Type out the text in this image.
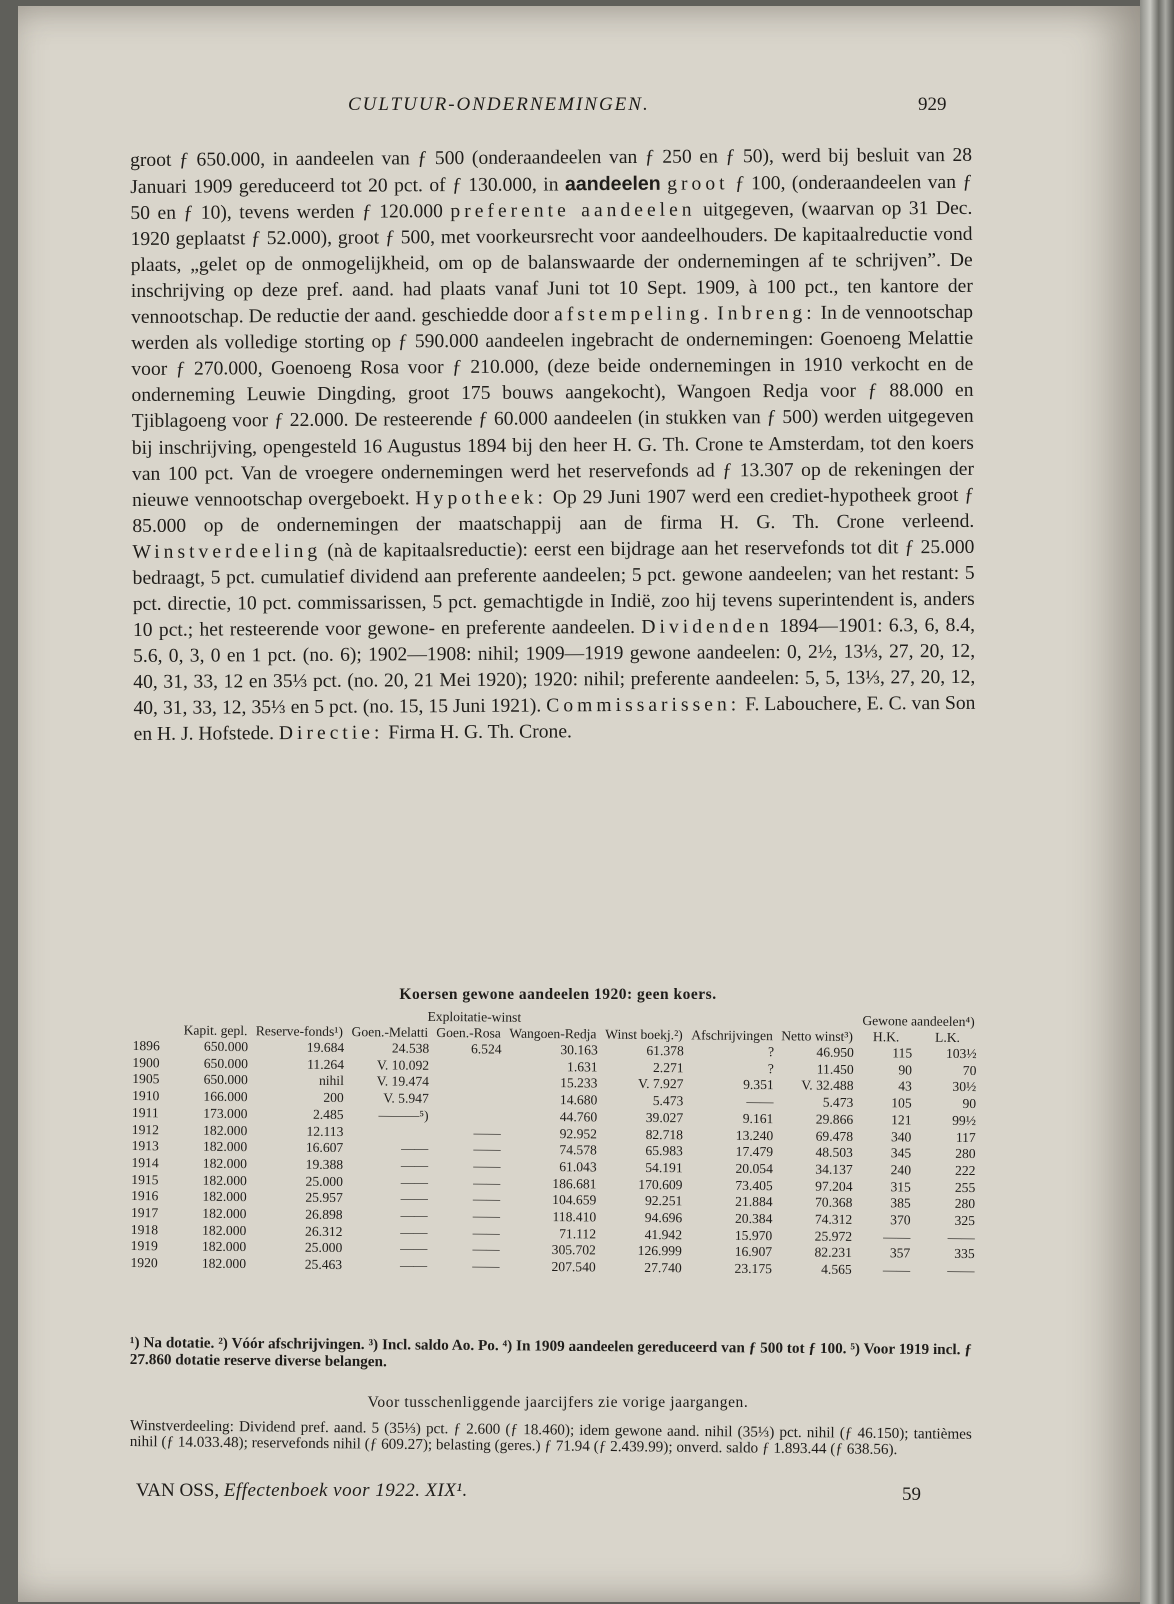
CULTUUR-ONDERNEMINGEN.	929
groot ƒ 650.000, in aandeelen van ƒ 500 (onderaandeelen van ƒ 250 en ƒ 50), werd bij besluit van 28 Januari 1909 gereduceerd tot 20 pct. of ƒ 130.000, in aandeelen groot ƒ 100, (onderaandeelen van ƒ 50 en ƒ 10), tevens werden ƒ 120.000 preferente aandeelen uitgegeven, (waarvan op 31 Dec. 1920 geplaatst ƒ 52.000), groot ƒ 500, met voorkeursrecht voor aandeelhouders. De kapitaalreductie vond plaats, „gelet op de onmogelijkheid, om op de balanswaarde der ondernemingen af te schrijven”. De inschrijving op deze pref. aand. had plaats vanaf Juni tot 10 Sept. 1909, à 100 pct., ten kantore der vennootschap. De reductie der aand. geschiedde door afstempeling. Inbreng: In de vennootschap werden als volledige storting op ƒ 590.000 aandeelen ingebracht de ondernemingen: Goenoeng Melattie voor ƒ 270.000, Goenoeng Rosa voor ƒ 210.000, (deze beide ondernemingen in 1910 verkocht en de onderneming Leuwie Dingding, groot 175 bouws aangekocht), Wangoen Redja voor ƒ 88.000 en Tjiblagoeng voor ƒ 22.000. De resteerende ƒ 60.000 aandeelen (in stukken van ƒ 500) werden uitgegeven bij inschrijving, opengesteld 16 Augustus 1894 bij den heer H. G. Th. Crone te Amsterdam, tot den koers van 100 pct. Van de vroegere ondernemingen werd het reservefonds ad ƒ 13.307 op de rekeningen der nieuwe vennootschap overgeboekt. Hypotheek: Op 29 Juni 1907 werd een crediet-hypotheek groot ƒ 85.000 op de ondernemingen der maatschappij aan de firma H. G. Th. Crone verleend. Winstverdeeling (nà de kapitaalsreductie): eerst een bijdrage aan het reservefonds tot dit ƒ 25.000 bedraagt, 5 pct. cumulatief dividend aan preferente aandeelen; 5 pct. gewone aandeelen; van het restant: 5 pct. directie, 10 pct. commissarissen, 5 pct. gemachtigde in Indië, zoo hij tevens superintendent is, anders 10 pct.; het resteerende voor gewone- en preferente aandeelen. Dividenden 1894—1901: 6.3, 6, 8.4, 5.6, 0, 3, 0 en 1 pct. (no. 6); 1902—1908: nihil; 1909—1919 gewone aandeelen: 0, 2½, 13⅓, 27, 20, 12, 40, 31, 33, 12 en 35⅓ pct. (no. 20, 21 Mei 1920); 1920: nihil; preferente aandeelen: 5, 5, 13⅓, 27, 20, 12, 40, 31, 33, 12, 35⅓ en 5 pct. (no. 15, 15 Juni 1921). Commissarissen: F. Labouchere, E. C. van Son en H. J. Hofstede. Directie: Firma H. G. Th. Crone.
Koersen gewone aandeelen 1920: geen koers.
			Exploitatie-winst						Gewone aandeelen⁴)	
	Kapit. gepl.	Reserve-fonds¹)	Goen.-Melatti	Goen.-Rosa	Wangoen-Redja	Winst boekj.²)	Afschrijvingen	Netto winst³)	H.K.	L.K.
1896	650.000	19.684	24.538	6.524	30.163	61.378	?	46.950	115	103½
1900	650.000	11.264	V. 10.092		1.631	2.271	?	11.450	90	70
1905	650.000	nihil	V. 19.474		15.233	V. 7.927	9.351	V. 32.488	43	30½
1910	166.000	200	V. 5.947		14.680	5.473	——	5.473	105	90
1911	173.000	2.485	———⁵)		44.760	39.027	9.161	29.866	121	99½
1912	182.000	12.113		——	92.952	82.718	13.240	69.478	340	117
1913	182.000	16.607	——	——	74.578	65.983	17.479	48.503	345	280
1914	182.000	19.388	——	——	61.043	54.191	20.054	34.137	240	222
1915	182.000	25.000	——	——	186.681	170.609	73.405	97.204	315	255
1916	182.000	25.957	——	——	104.659	92.251	21.884	70.368	385	280
1917	182.000	26.898	——	——	118.410	94.696	20.384	74.312	370	325
1918	182.000	26.312	——	——	71.112	41.942	15.970	25.972	——	——
1919	182.000	25.000	——	——	305.702	126.999	16.907	82.231	357	335
1920	182.000	25.463	——	——	207.540	27.740	23.175	4.565	——	——
¹) Na dotatie. ²) Vóór afschrijvingen. ³) Incl. saldo Ao. Po. ⁴) In 1909 aandeelen gereduceerd van ƒ 500 tot ƒ 100. ⁵) Voor 1919 incl. ƒ 27.860 dotatie reserve diverse belangen.
Voor tusschenliggende jaarcijfers zie vorige jaargangen.
Winstverdeeling: Dividend pref. aand. 5 (35⅓) pct. ƒ 2.600 (ƒ 18.460); idem gewone aand. nihil (35⅓) pct. nihil (ƒ 46.150); tantièmes nihil (ƒ 14.033.48); reservefonds nihil (ƒ 609.27); belasting (geres.) ƒ 71.94 (ƒ 2.439.99); onverd. saldo ƒ 1.893.44 (ƒ 638.56).
VAN OSS, Effectenboek voor 1922. XIX¹.	59
